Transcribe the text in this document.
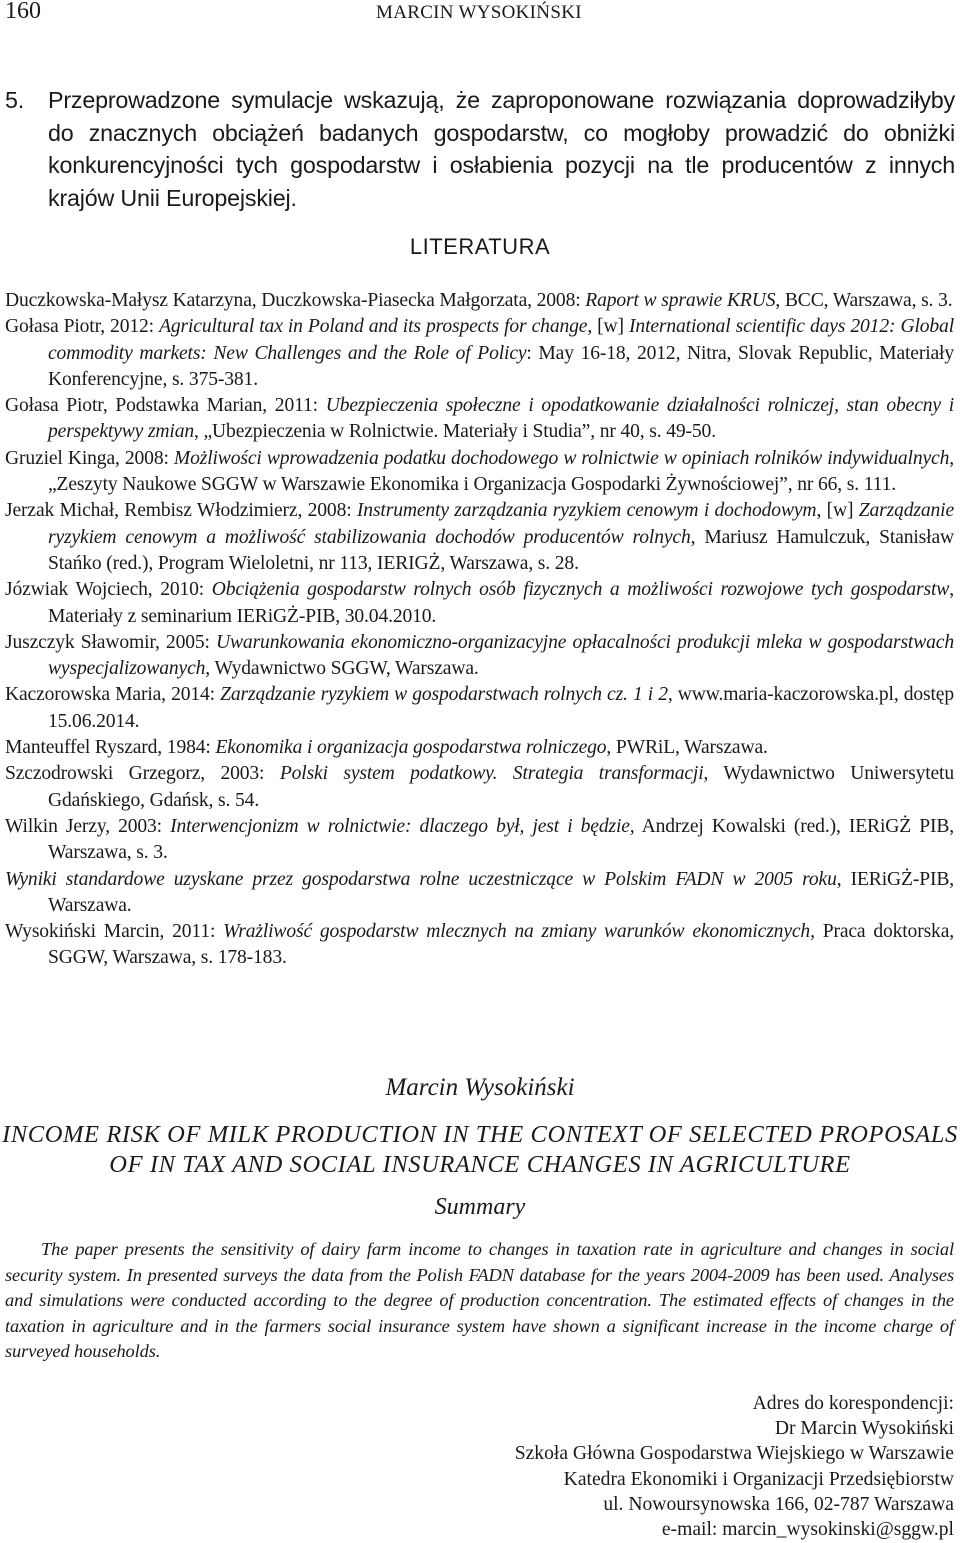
160	MARCIN WYSOKIŃSKI

5. Przeprowadzone symulacje wskazują, że zaproponowane rozwiązania doprowadziłyby do znacznych obciążeń badanych gospodarstw, co mogłoby prowadzić do obniżki konkurencyjności tych gospodarstw i osłabienia pozycji na tle producentów z innych krajów Unii Europejskiej.

LITERATURA
Duczkowska-Małysz Katarzyna, Duczkowska-Piasecka Małgorzata, 2008: Raport w sprawie KRUS, BCC, Warszawa, s. 3.
Gołasa Piotr, 2012: Agricultural tax in Poland and its prospects for change, [w] International scientific days 2012: Global commodity markets: New Challenges and the Role of Policy: May 16-18, 2012, Nitra, Slovak Republic, Materiały Konferencyjne, s. 375-381.
Gołasa Piotr, Podstawka Marian, 2011: Ubezpieczenia społeczne i opodatkowanie działalności rolniczej, stan obecny i perspektywy zmian, „Ubezpieczenia w Rolnictwie. Materiały i Studia”, nr 40, s. 49-50.
Gruziel Kinga, 2008: Możliwości wprowadzenia podatku dochodowego w rolnictwie w opiniach rolników indywidualnych, „Zeszyty Naukowe SGGW w Warszawie Ekonomika i Organizacja Gospodarki Żywnościowej”, nr 66, s. 111.
Jerzak Michał, Rembisz Włodzimierz, 2008: Instrumenty zarządzania ryzykiem cenowym i dochodowym, [w] Zarządzanie ryzykiem cenowym a możliwość stabilizowania dochodów producentów rolnych, Mariusz Hamulczuk, Stanisław Stańko (red.), Program Wieloletni, nr 113, IERIGŻ, Warszawa, s. 28.
Józwiak Wojciech, 2010: Obciążenia gospodarstw rolnych osób fizycznych a możliwości rozwojowe tych gospodarstw, Materiały z seminarium IERiGŻ-PIB, 30.04.2010.
Juszczyk Sławomir, 2005: Uwarunkowania ekonomiczno-organizacyjne opłacalności produkcji mleka w gospodarstwach wyspecjalizowanych, Wydawnictwo SGGW, Warszawa.
Kaczorowska Maria, 2014: Zarządzanie ryzykiem w gospodarstwach rolnych cz. 1 i 2, www.maria-kaczorowska.pl, dostęp 15.06.2014.
Manteuffel Ryszard, 1984: Ekonomika i organizacja gospodarstwa rolniczego, PWRiL, Warszawa.
Szczodrowski Grzegorz, 2003: Polski system podatkowy. Strategia transformacji, Wydawnictwo Uniwersytetu Gdańskiego, Gdańsk, s. 54.
Wilkin Jerzy, 2003: Interwencjonizm w rolnictwie: dlaczego był, jest i będzie, Andrzej Kowalski (red.), IERiGŻ PIB, Warszawa, s. 3.
Wyniki standardowe uzyskane przez gospodarstwa rolne uczestniczące w Polskim FADN w 2005 roku, IERiGŻ-PIB, Warszawa.
Wysokiński Marcin, 2011: Wrażliwość gospodarstw mlecznych na zmiany warunków ekonomicznych, Praca doktorska, SGGW, Warszawa, s. 178-183.
Marcin Wysokiński
INCOME RISK OF MILK PRODUCTION IN THE CONTEXT OF SELECTED PROPOSALS
OF IN TAX AND SOCIAL INSURANCE CHANGES IN AGRICULTURE
Summary

The paper presents the sensitivity of dairy farm income to changes in taxation rate in agriculture and changes in social security system. In presented surveys the data from the Polish FADN database for the years 2004-2009 has been used. Analyses and simulations were conducted according to the degree of production concentration. The estimated effects of changes in the taxation in agriculture and in the farmers social insurance system have shown a significant increase in the income charge of surveyed households.

Adres do korespondencji:
Dr Marcin Wysokiński
Szkoła Główna Gospodarstwa Wiejskiego w Warszawie
Katedra Ekonomiki i Organizacji Przedsiębiorstw
ul. Nowoursynowska 166, 02-787 Warszawa
e-mail: marcin_wysokinski@sggw.pl
